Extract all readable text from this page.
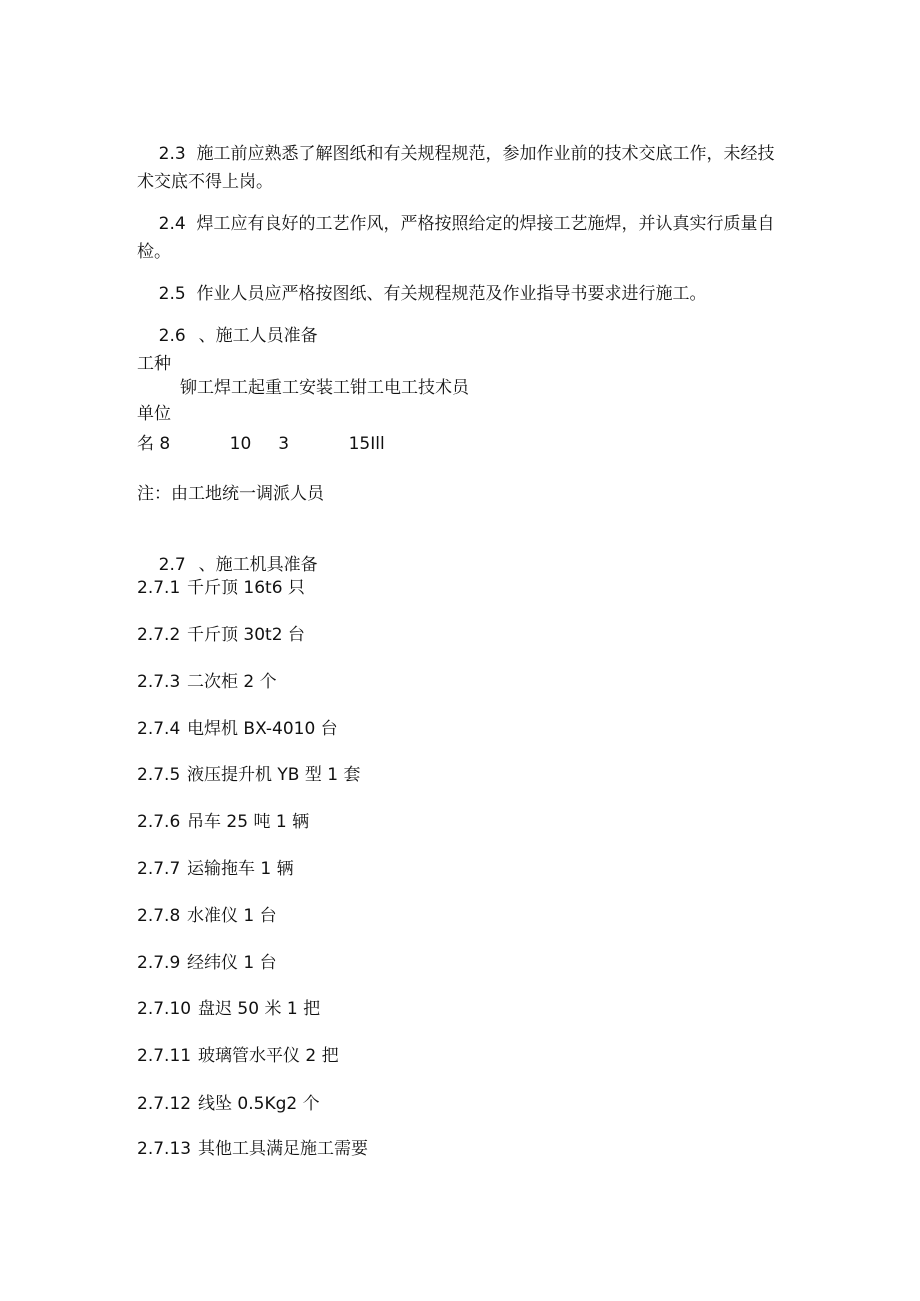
2.3 施工前应熟悉了解图纸和有关规程规范，参加作业前的技术交底工作，未经技术交底不得上岗。

2.4 焊工应有良好的工艺作风，严格按照给定的焊接工艺施焊，并认真实行质量自检。

2.5 作业人员应严格按图纸、有关规程规范及作业指导书要求进行施工。

2.6 、施工人员准备

工种
铆工焊工起重工安装工钳工电工技术员
单位
名 8           10     3           15Ill
注：由工地统一调派人员

2.7 、施工机具准备

2.7.1 千斤顶 16t6 只
2.7.2 千斤顶 30t2 台
2.7.3 二次柜 2 个
2.7.4 电焊机 BX-4010 台
2.7.5 液压提升机 YB 型 1 套
2.7.6 吊车 25 吨 1 辆
2.7.7 运输拖车 1 辆
2.7.8 水准仪 1 台
2.7.9 经纬仪 1 台
2.7.10 盘迟 50 米 1 把
2.7.11 玻璃管水平仪 2 把
2.7.12 线坠 0.5Kg2 个
2.7.13 其他工具满足施工需要
